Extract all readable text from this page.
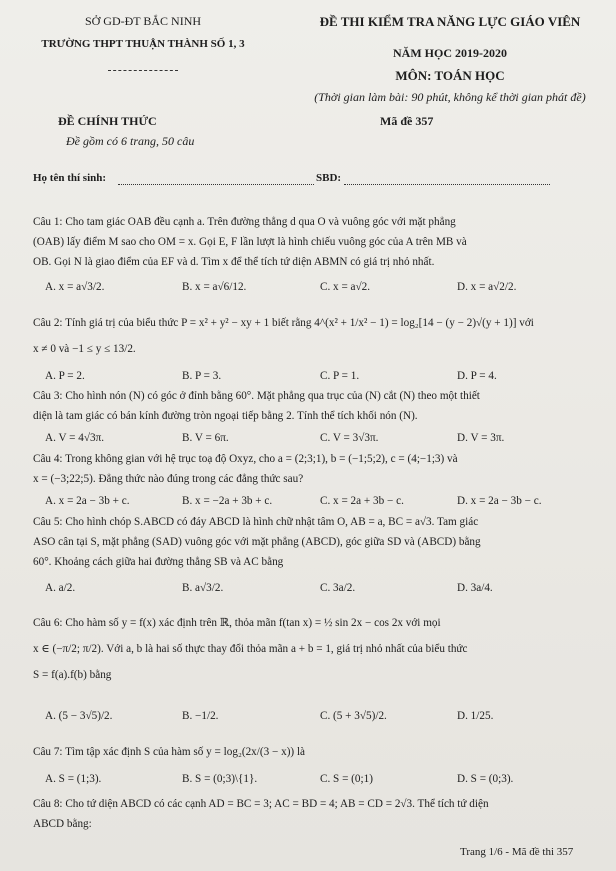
SỞ GD-ĐT BẮC NINH
TRƯỜNG THPT THUẬN THÀNH SỐ 1, 3
ĐỀ THI KIỂM TRA NĂNG LỰC GIÁO VIÊN
NĂM HỌC 2019-2020
MÔN: TOÁN HỌC
(Thời gian làm bài: 90 phút, không kể thời gian phát đề)
ĐỀ CHÍNH THỨC	Mã đề 357
Đề gồm có 6 trang, 50 câu
Họ tên thí sinh:	SBD:
Câu 1: Cho tam giác OAB đều cạnh a. Trên đường thẳng d qua O và vuông góc với mặt phẳng
(OAB) lấy điểm M sao cho OM = x. Gọi E, F lần lượt là hình chiếu vuông góc của A trên MB và
OB. Gọi N là giao điểm của EF và d. Tìm x để thể tích tứ diện ABMN có giá trị nhỏ nhất.
A. x = a√3/2.	B. x = a√6/12.	C. x = a√2.	D. x = a√2/2.
Câu 2: Tính giá trị của biểu thức P = x² + y² − xy + 1 biết rằng 4^(x² + 1/x² − 1) = log₂[14 − (y − 2)√(y + 1)] với
x ≠ 0 và −1 ≤ y ≤ 13/2.
A. P = 2.	B. P = 3.	C. P = 1.	D. P = 4.
Câu 3: Cho hình nón (N) có góc ở đỉnh bằng 60°. Mặt phẳng qua trục của (N) cắt (N) theo một thiết
diện là tam giác có bán kính đường tròn ngoại tiếp bằng 2. Tính thể tích khối nón (N).
A. V = 4√3π.	B. V = 6π.	C. V = 3√3π.	D. V = 3π.
Câu 4: Trong không gian với hệ trục toạ độ Oxyz, cho a = (2;3;1), b = (−1;5;2), c = (4;−1;3) và
x = (−3;22;5). Đẳng thức nào đúng trong các đẳng thức sau?
A. x = 2a − 3b + c.	B. x = −2a + 3b + c.	C. x = 2a + 3b − c.	D. x = 2a − 3b − c.
Câu 5: Cho hình chóp S.ABCD có đáy ABCD là hình chữ nhật tâm O, AB = a, BC = a√3. Tam giác
ASO cân tại S, mặt phẳng (SAD) vuông góc với mặt phẳng (ABCD), góc giữa SD và (ABCD) bằng
60°. Khoảng cách giữa hai đường thẳng SB và AC bằng
A. a/2.	B. a√3/2.	C. 3a/2.	D. 3a/4.
Câu 6: Cho hàm số y = f(x) xác định trên ℝ, thỏa mãn f(tan x) = ½ sin 2x − cos 2x với mọi
x ∈ (−π/2; π/2). Với a, b là hai số thực thay đổi thỏa mãn a + b = 1, giá trị nhỏ nhất của biểu thức
S = f(a).f(b) bằng
A. (5 − 3√5)/2.	B. −1/2.	C. (5 + 3√5)/2.	D. 1/25.
Câu 7: Tìm tập xác định S của hàm số y = log₂(2x/(3 − x)) là
A. S = (1;3).	B. S = (0;3)\{1}.	C. S = (0;1)	D. S = (0;3).
Câu 8: Cho tứ diện ABCD có các cạnh AD = BC = 3; AC = BD = 4; AB = CD = 2√3. Thể tích tứ diện
ABCD bằng:
Trang 1/6 - Mã đề thi 357
